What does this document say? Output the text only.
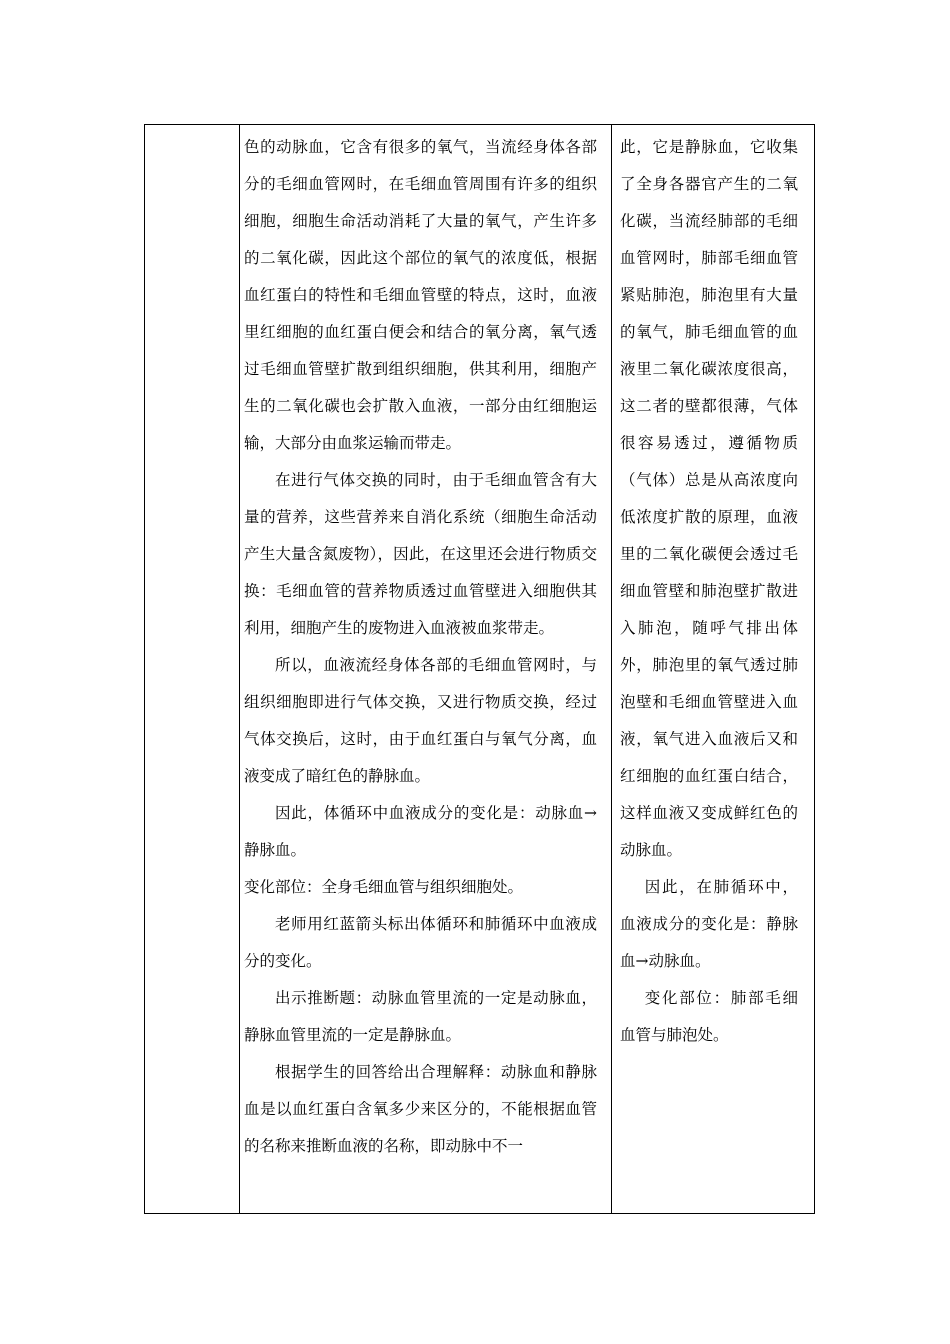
色的动脉血，它含有很多的氧气，当流经身体各部分的毛细血管网时，在毛细血管周围有许多的组织细胞，细胞生命活动消耗了大量的氧气，产生许多的二氧化碳，因此这个部位的氧气的浓度低，根据血红蛋白的特性和毛细血管壁的特点，这时，血液里红细胞的血红蛋白便会和结合的氧分离，氧气透过毛细血管壁扩散到组织细胞，供其利用，细胞产生的二氧化碳也会扩散入血液，一部分由红细胞运输，大部分由血浆运输而带走。

在进行气体交换的同时，由于毛细血管含有大量的营养，这些营养来自消化系统（细胞生命活动产生大量含氮废物），因此，在这里还会进行物质交换：毛细血管的营养物质透过血管壁进入细胞供其利用，细胞产生的废物进入血液被血浆带走。

所以，血液流经身体各部的毛细血管网时，与组织细胞即进行气体交换，又进行物质交换，经过气体交换后，这时，由于血红蛋白与氧气分离，血液变成了暗红色的静脉血。

因此，体循环中血液成分的变化是：动脉血→静脉血。

变化部位：全身毛细血管与组织细胞处。

老师用红蓝箭头标出体循环和肺循环中血液成分的变化。

出示推断题：动脉血管里流的一定是动脉血，静脉血管里流的一定是静脉血。

根据学生的回答给出合理解释：动脉血和静脉血是以血红蛋白含氧多少来区分的，不能根据血管的名称来推断血液的名称，即动脉中不一

此，它是静脉血，它收集了全身各器官产生的二氧化碳，当流经肺部的毛细血管网时，肺部毛细血管紧贴肺泡，肺泡里有大量的氧气，肺毛细血管的血液里二氧化碳浓度很高，这二者的壁都很薄，气体很容易透过，遵循物质（气体）总是从高浓度向低浓度扩散的原理，血液里的二氧化碳便会透过毛细血管壁和肺泡壁扩散进入肺泡，随呼气排出体外，肺泡里的氧气透过肺泡壁和毛细血管壁进入血液，氧气进入血液后又和红细胞的血红蛋白结合，这样血液又变成鲜红色的动脉血。

因此，在肺循环中，血液成分的变化是：静脉血→动脉血。

变化部位：肺部毛细血管与肺泡处。
